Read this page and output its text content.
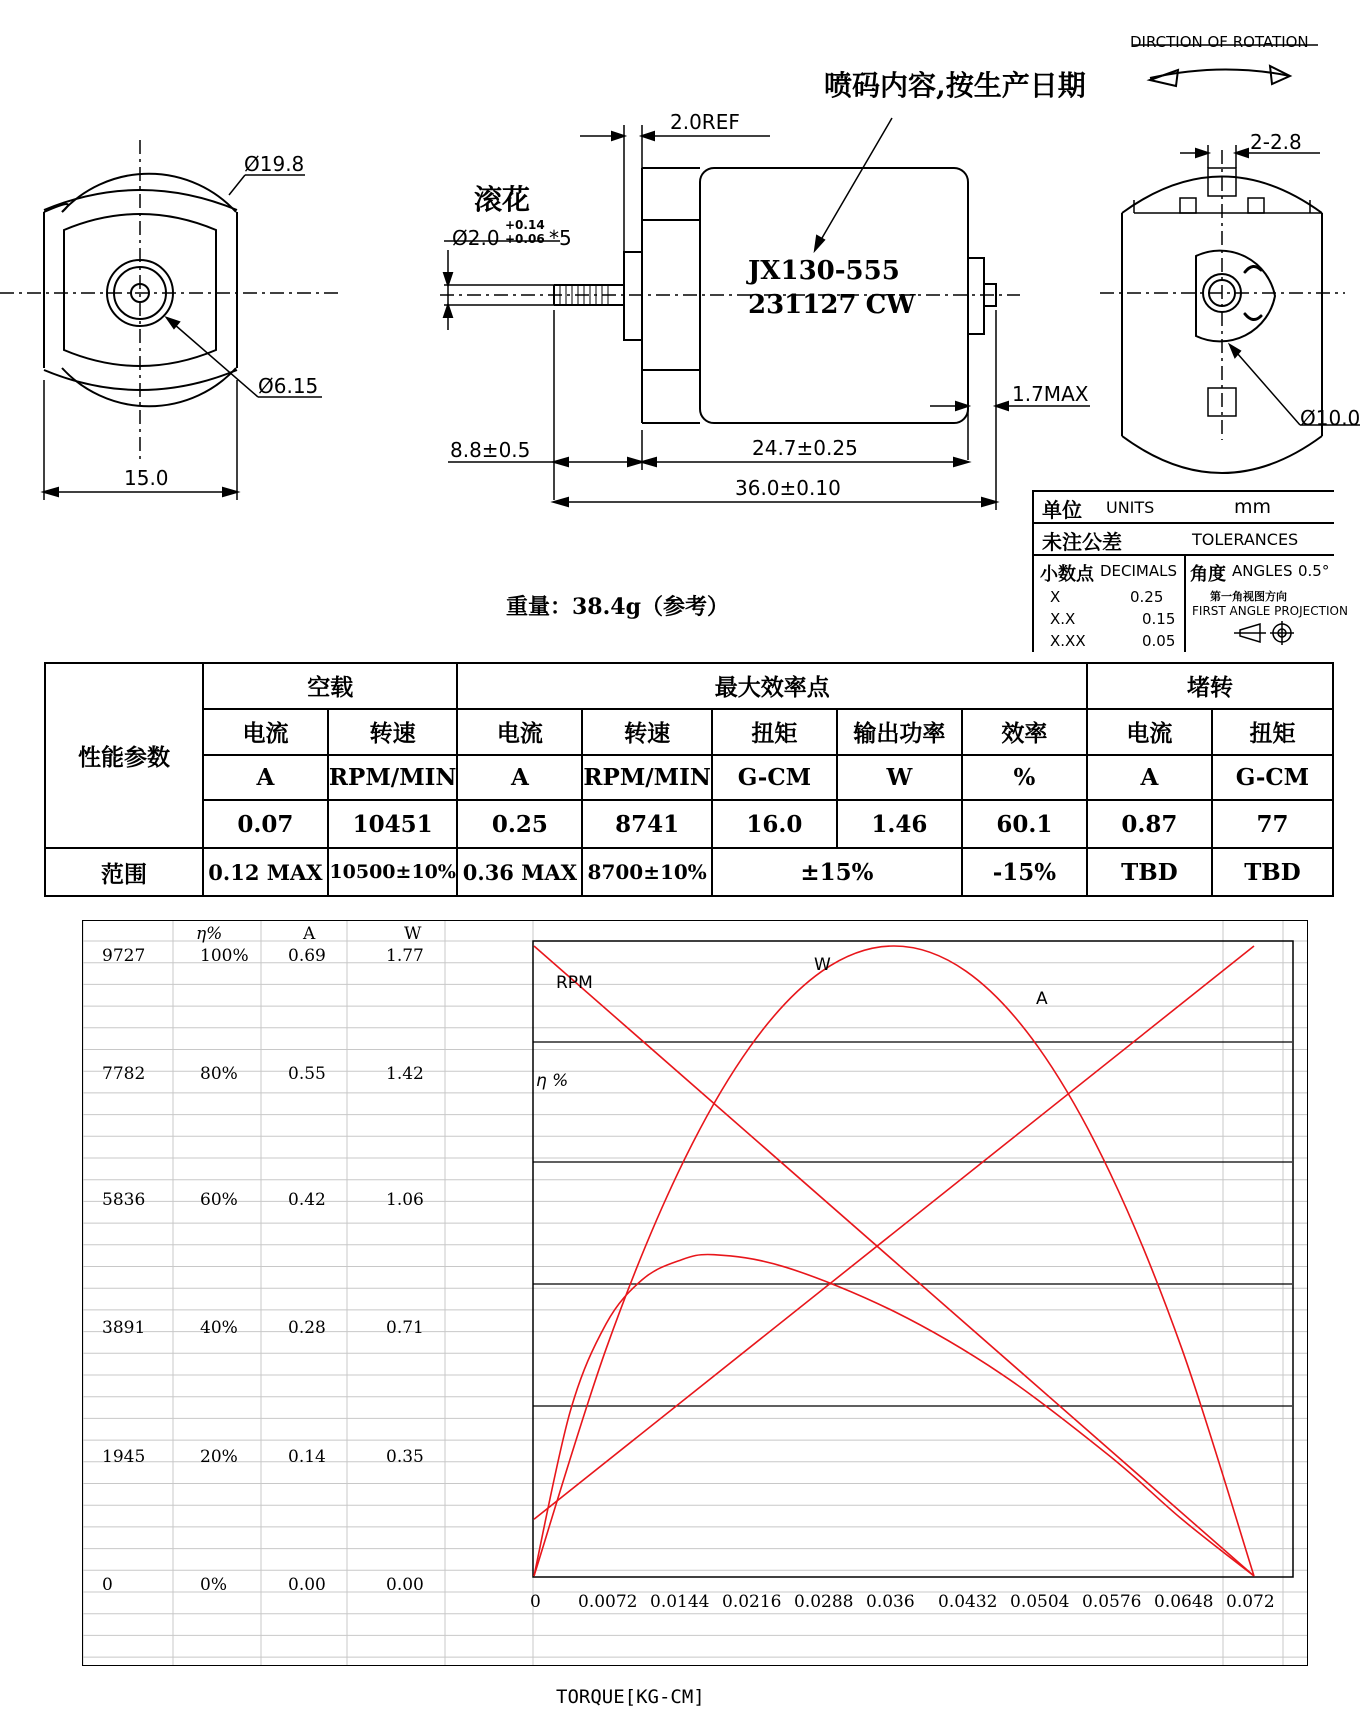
DIRCTION OF ROTATION
喷码内容,按生产日期
滚花
Ø2.0
+0.14
+0.06 *5
2.0REF
Ø19.8
Ø6.15
15.0
JX130-555
231127 CW
8.8±0.5	24.7±0.25
36.0±0.10
1.7MAX
2-2.8
Ø10.0
重量：38.4g（参考）
单位 UNITS	mm
未注公差	TOLERANCES
小数点 DECIMALS 角度 ANGLES 0.5°
X	0.25
X.X	0.15
X.XX	0.05
第一角视图方向
FIRST ANGLE PROJECTION
性能参数	空载		最大效率点					堵转	
	电流	转速	电流	转速	扭矩	输出功率	效率	电流	扭矩
	A	RPM/MIN	A	RPM/MIN	G-CM	W	%	A	G-CM
	0.07	10451	0.25	8741	16.0	1.46	60.1	0.87	77
范围	0.12 MAX	10500±10%	0.36 MAX	8700±10%	±15%		-15%	TBD	TBD
η%	A	W
9727	100% 0.69	1.77
7782	80%	0.55	1.42
5836	60%	0.42	1.06
3891	40%	0.28	0.71
1945	20%	0.14	0.35
0	0%	0.00	0.00
RPM
A
W
η %
0 0.0072 0.0144 0.0216 0.0288 0.036 0.0432 0.0504 0.0576 0.0648 0.072
TORQUE[KG-CM]
